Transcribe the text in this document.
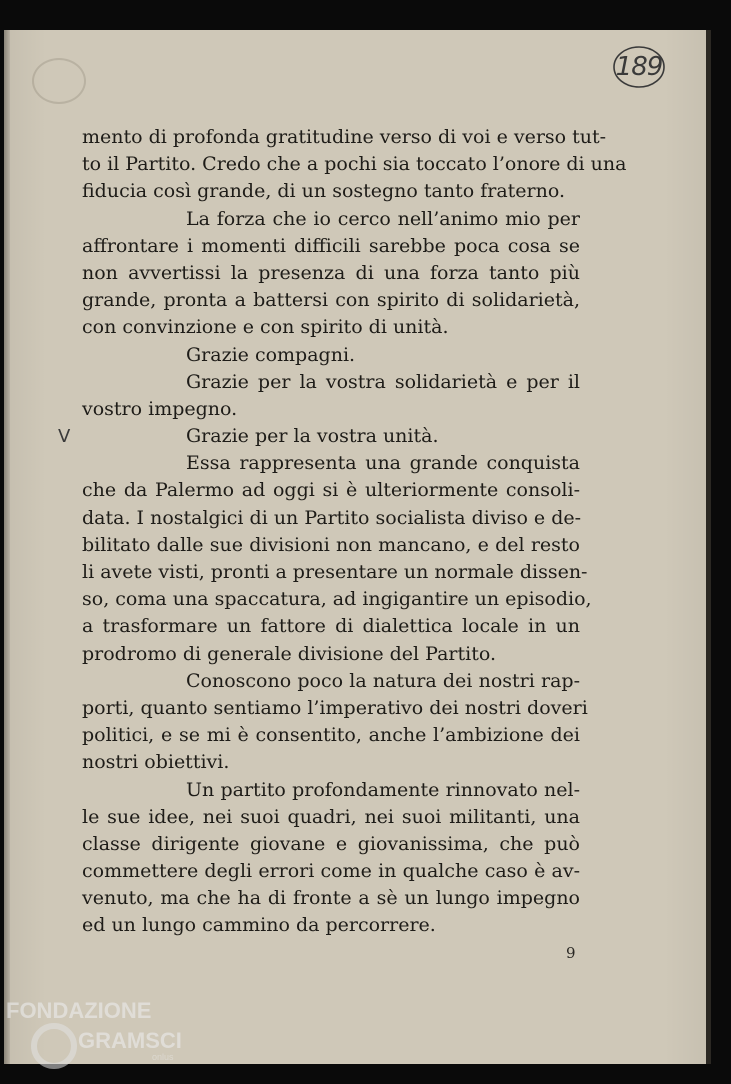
189
V
mento di profonda gratitudine verso di voi e verso tut-
to il Partito. Credo che a pochi sia toccato l’onore di una
fiducia così grande, di un sostegno tanto fraterno.
La forza che io cerco nell’animo mio per
affrontare i momenti difficili sarebbe poca cosa se
non avvertissi la presenza di una forza tanto più
grande, pronta a battersi con spirito di solidarietà,
con convinzione e con spirito di unità.
Grazie compagni.
Grazie per la vostra solidarietà e per il
vostro impegno.
Grazie per la vostra unità.
Essa rappresenta una grande conquista
che da Palermo ad oggi si è ulteriormente consoli-
data. I nostalgici di un Partito socialista diviso e de-
bilitato dalle sue divisioni non mancano, e del resto
li avete visti, pronti a presentare un normale dissen-
so, coma una spaccatura, ad ingigantire un episodio,
a trasformare un fattore di dialettica locale in un
prodromo di generale divisione del Partito.
Conoscono poco la natura dei nostri rap-
porti, quanto sentiamo l’imperativo dei nostri doveri
politici, e se mi è consentito, anche l’ambizione dei
nostri obiettivi.
Un partito profondamente rinnovato nel-
le sue idee, nei suoi quadri, nei suoi militanti, una
classe dirigente giovane e giovanissima, che può
commettere degli errori come in qualche caso è av-
venuto, ma che ha di fronte a sè un lungo impegno
ed un lungo cammino da percorrere.
9
FONDAZIONE
GRAMSCI
onlus
